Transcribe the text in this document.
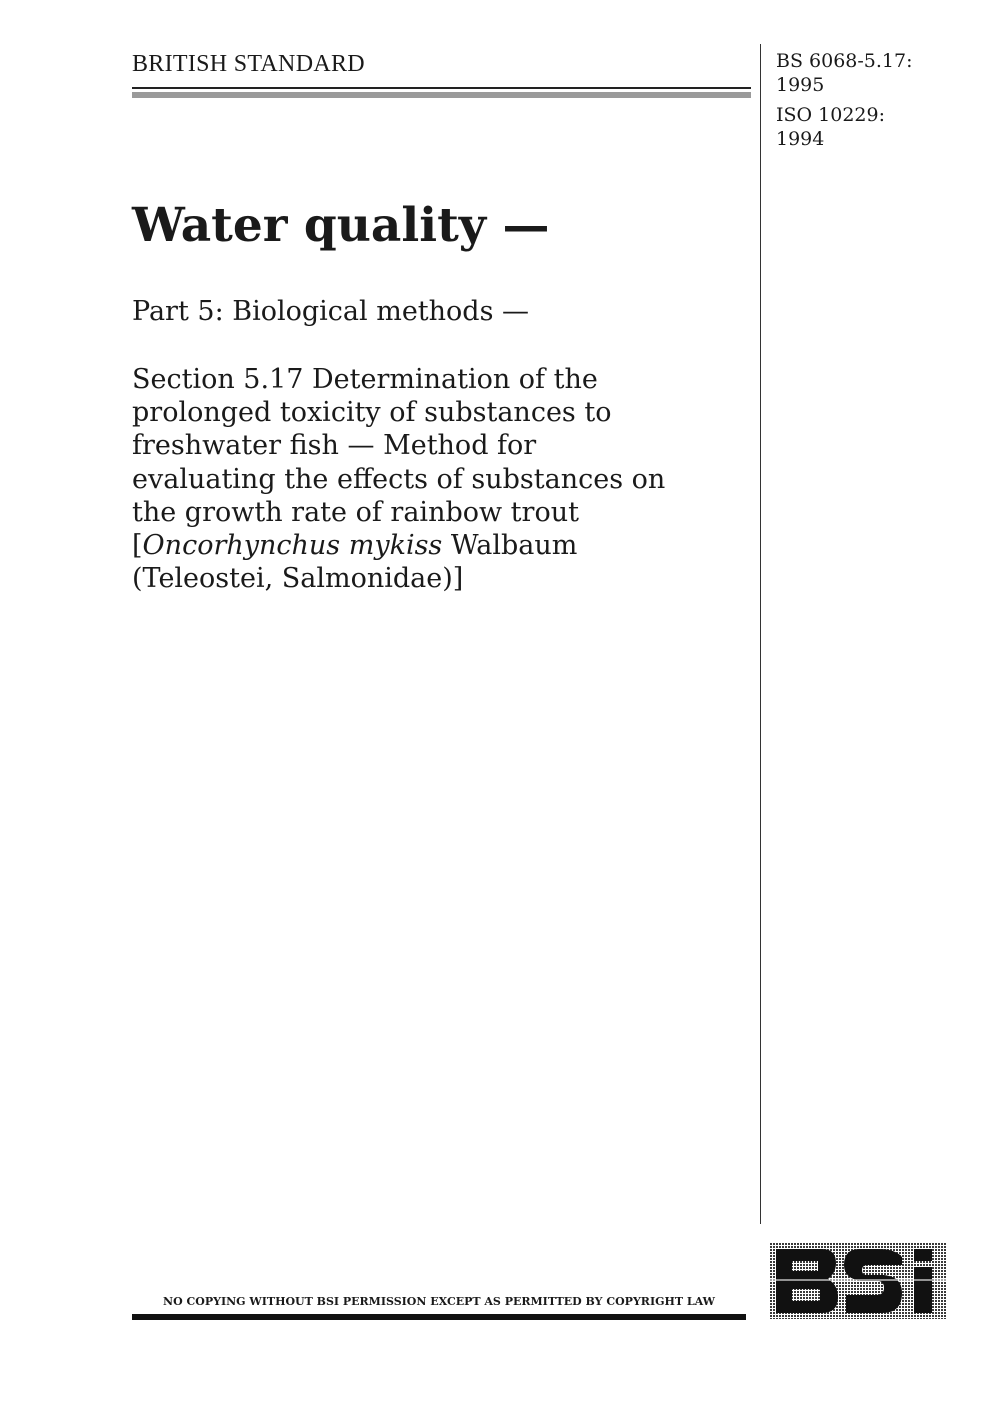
BRITISH STANDARD	BS 6068-5.17:
1995
ISO 10229:
1994
Water quality —
Part 5: Biological methods —
Section 5.17 Determination of the
prolonged toxicity of substances to
freshwater fish — Method for
evaluating the effects of substances on
the growth rate of rainbow trout
[Oncorhynchus mykiss Walbaum
(Teleostei, Salmonidae)]
NO COPYING WITHOUT BSI PERMISSION EXCEPT AS PERMITTED BY COPYRIGHT LAW
